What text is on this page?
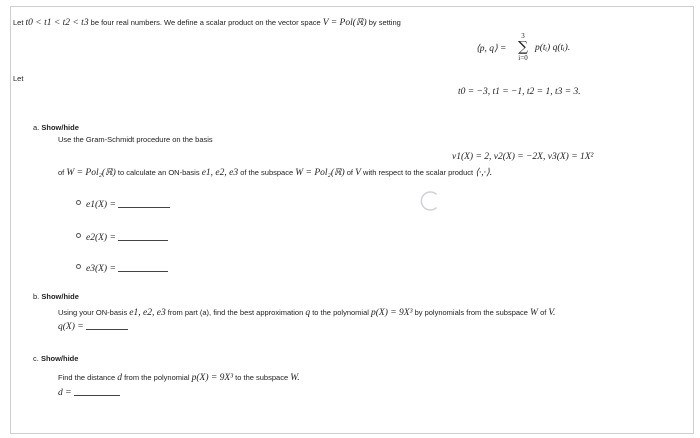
Let t0 < t1 < t2 < t3 be four real numbers. We define a scalar product on the vector space V = Pol(ℝ) by setting
⟨p, q⟩ =
3
∑
i=0
p(tᵢ) q(tᵢ).
Let
t0 = −3, t1 = −1, t2 = 1, t3 = 3.
a. Show/hide
Use the Gram-Schmidt procedure on the basis
v1(X) = 2, v2(X) = −2X, v3(X) = 1X²
of W = Pol₂(ℝ) to calculate an ON-basis e1, e2, e3 of the subspace W = Pol₂(ℝ) of V with respect to the scalar product ⟨·,·⟩.
e1(X) =
e2(X) =
e3(X) =
b. Show/hide
Using your ON-basis e1, e2, e3 from part (a), find the best approximation q to the polynomial p(X) = 9X³ by polynomials from the subspace W of V.
q(X) =
c. Show/hide
Find the distance d from the polynomial p(X) = 9X³ to the subspace W.
d =
